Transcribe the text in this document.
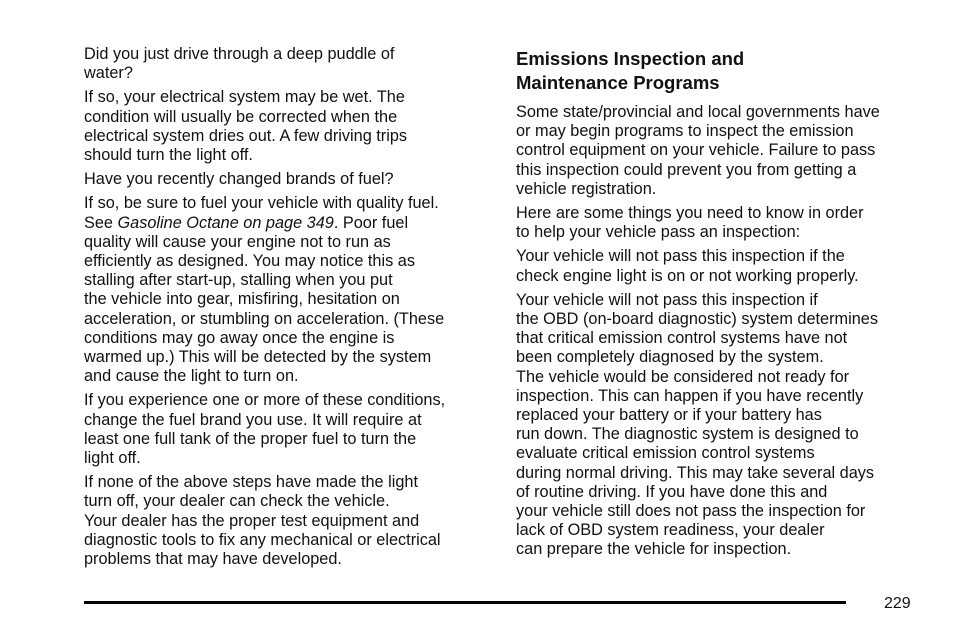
Did you just drive through a deep puddle of
water?

If so, your electrical system may be wet. The
condition will usually be corrected when the
electrical system dries out. A few driving trips
should turn the light off.

Have you recently changed brands of fuel?

If so, be sure to fuel your vehicle with quality fuel.
See Gasoline Octane on page 349. Poor fuel
quality will cause your engine not to run as
efficiently as designed. You may notice this as
stalling after start-up, stalling when you put
the vehicle into gear, misfiring, hesitation on
acceleration, or stumbling on acceleration. (These
conditions may go away once the engine is
warmed up.) This will be detected by the system
and cause the light to turn on.

If you experience one or more of these conditions,
change the fuel brand you use. It will require at
least one full tank of the proper fuel to turn the
light off.

If none of the above steps have made the light
turn off, your dealer can check the vehicle.
Your dealer has the proper test equipment and
diagnostic tools to fix any mechanical or electrical
problems that may have developed.

Emissions Inspection and
Maintenance Programs

Some state/provincial and local governments have
or may begin programs to inspect the emission
control equipment on your vehicle. Failure to pass
this inspection could prevent you from getting a
vehicle registration.

Here are some things you need to know in order
to help your vehicle pass an inspection:

Your vehicle will not pass this inspection if the
check engine light is on or not working properly.

Your vehicle will not pass this inspection if
the OBD (on-board diagnostic) system determines
that critical emission control systems have not
been completely diagnosed by the system.
The vehicle would be considered not ready for
inspection. This can happen if you have recently
replaced your battery or if your battery has
run down. The diagnostic system is designed to
evaluate critical emission control systems
during normal driving. This may take several days
of routine driving. If you have done this and
your vehicle still does not pass the inspection for
lack of OBD system readiness, your dealer
can prepare the vehicle for inspection.

229
